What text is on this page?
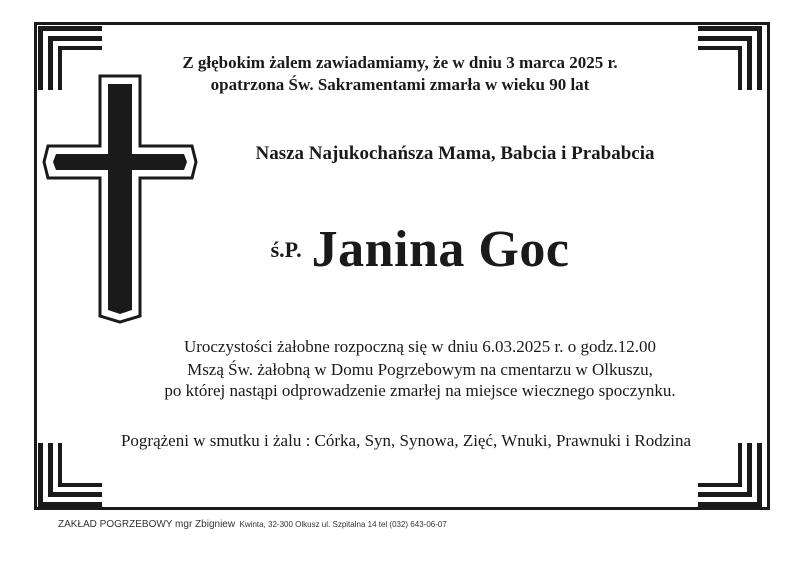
Z głębokim żalem zawiadamiamy, że w dniu 3 marca 2025 r.
opatrzona Św. Sakramentami zmarła w wieku 90 lat
Nasza Najukochańsza Mama, Babcia i Prababcia
ś.P. Janina Goc
Uroczystości żałobne rozpoczną się w dniu 6.03.2025 r. o godz.12.00
Mszą Św. żałobną w Domu Pogrzebowym na cmentarzu w Olkuszu,
po której nastąpi odprowadzenie zmarłej na miejsce wiecznego spoczynku.
Pogrążeni w smutku i żalu : Córka, Syn, Synowa, Zięć, Wnuki, Prawnuki i Rodzina
ZAKŁAD POGRZEBOWY mgr Zbigniew Kwinta, 32-300 Olkusz ul. Szpitalna 14 tel (032) 643-06-07
